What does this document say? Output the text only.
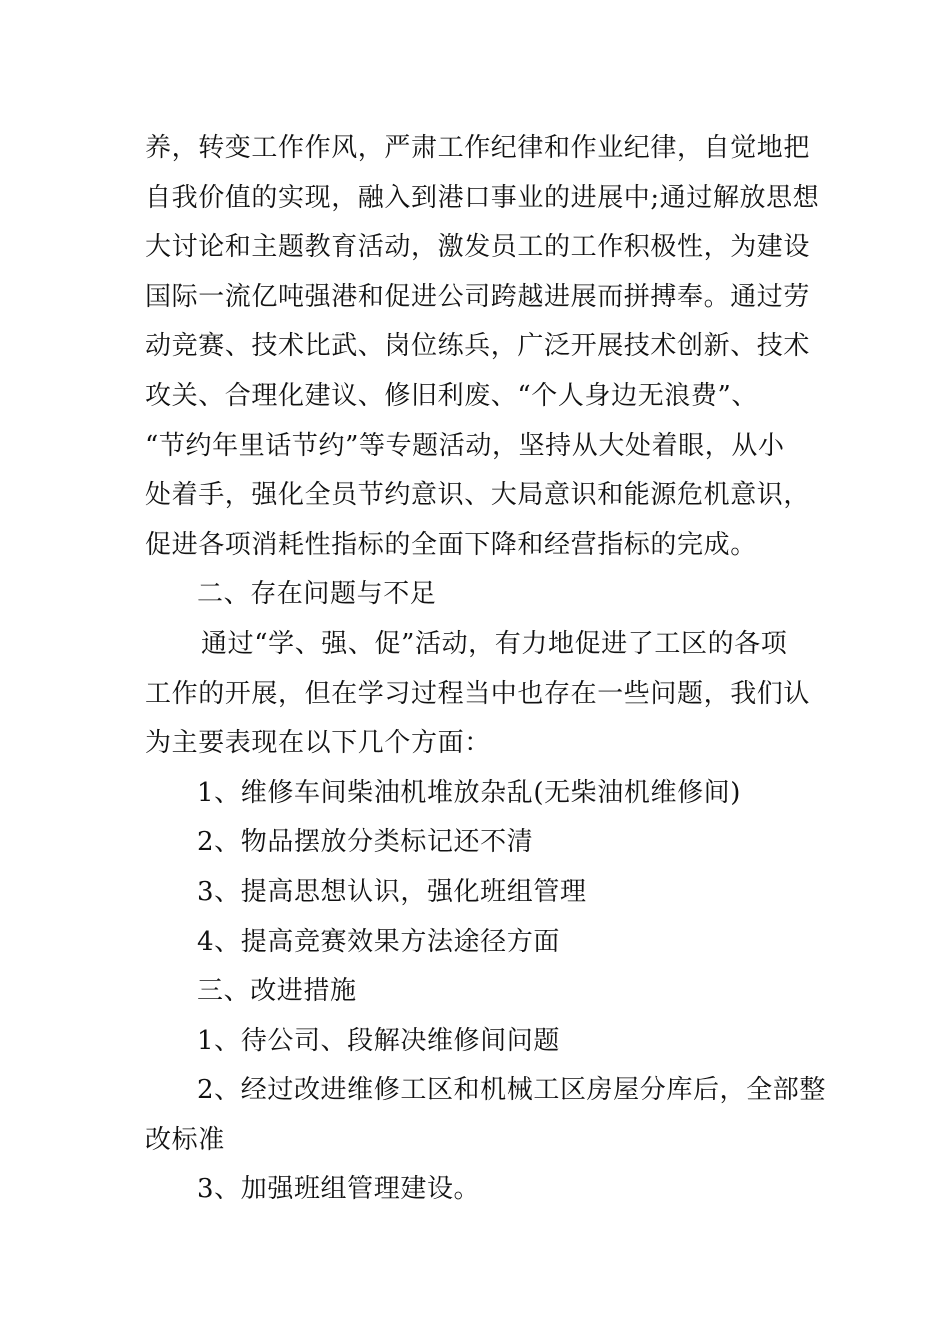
养，转变工作作风，严肃工作纪律和作业纪律，自觉地把
自我价值的实现，融入到港口事业的进展中;通过解放思想
大讨论和主题教育活动，激发员工的工作积极性，为建设
国际一流亿吨强港和促进公司跨越进展而拼搏奉。通过劳
动竞赛、技术比武、岗位练兵，广泛开展技术创新、技术
攻关、合理化建议、修旧利废、“个人身边无浪费”、
“节约年里话节约”等专题活动，坚持从大处着眼，从小
处着手，强化全员节约意识、大局意识和能源危机意识，
促进各项消耗性指标的全面下降和经营指标的完成。
二、存在问题与不足
通过“学、强、促”活动，有力地促进了工区的各项
工作的开展，但在学习过程当中也存在一些问题，我们认
为主要表现在以下几个方面：
1、维修车间柴油机堆放杂乱(无柴油机维修间)
2、物品摆放分类标记还不清
3、提高思想认识，强化班组管理
4、提高竞赛效果方法途径方面
三、改进措施
1、待公司、段解决维修间问题
2、经过改进维修工区和机械工区房屋分库后，全部整
改标准
3、加强班组管理建设。
